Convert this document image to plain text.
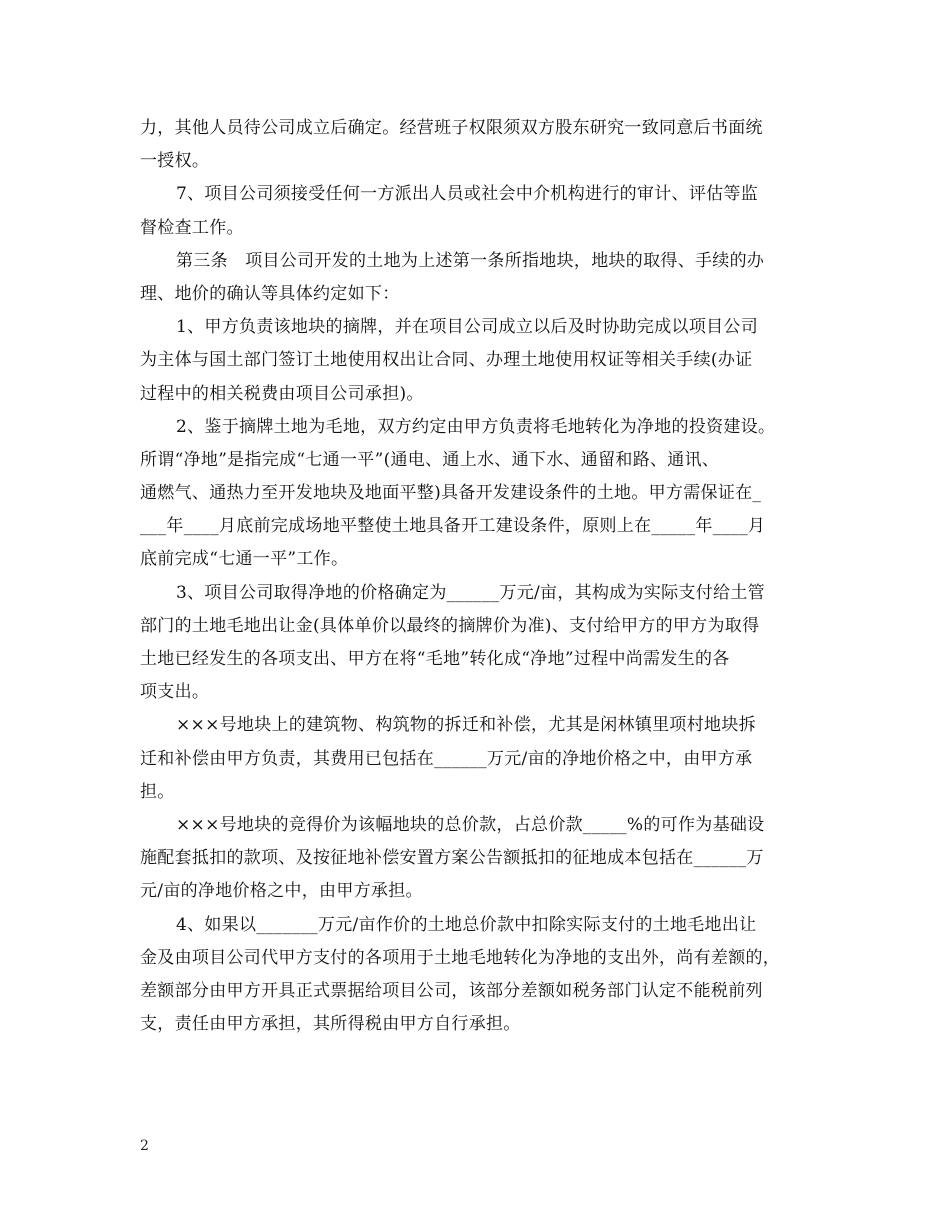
力，其他人员待公司成立后确定。经营班子权限须双方股东研究一致同意后书面统
一授权。
7、项目公司须接受任何一方派出人员或社会中介机构进行的审计、评估等监
督检查工作。
第三条　项目公司开发的土地为上述第一条所指地块，地块的取得、手续的办
理、地价的确认等具体约定如下：
1、甲方负责该地块的摘牌，并在项目公司成立以后及时协助完成以项目公司
为主体与国土部门签订土地使用权出让合同、办理土地使用权证等相关手续(办证
过程中的相关税费由项目公司承担)。
2、鉴于摘牌土地为毛地，双方约定由甲方负责将毛地转化为净地的投资建设。
所谓“净地”是指完成“七通一平”(通电、通上水、通下水、通留和路、通讯、
通燃气、通热力至开发地块及地面平整)具备开发建设条件的土地。甲方需保证在_
___年____月底前完成场地平整使土地具备开工建设条件，原则上在_____年____月
底前完成“七通一平”工作。
3、项目公司取得净地的价格确定为______万元/亩，其构成为实际支付给土管
部门的土地毛地出让金(具体单价以最终的摘牌价为准)、支付给甲方的甲方为取得
土地已经发生的各项支出、甲方在将“毛地”转化成“净地”过程中尚需发生的各
项支出。
×××号地块上的建筑物、构筑物的拆迁和补偿，尤其是闲林镇里项村地块拆
迁和补偿由甲方负责，其费用已包括在______万元/亩的净地价格之中，由甲方承
担。
×××号地块的竞得价为该幅地块的总价款，占总价款_____%的可作为基础设
施配套抵扣的款项、及按征地补偿安置方案公告额抵扣的征地成本包括在______万
元/亩的净地价格之中，由甲方承担。
4、如果以_______万元/亩作价的土地总价款中扣除实际支付的土地毛地出让
金及由项目公司代甲方支付的各项用于土地毛地转化为净地的支出外，尚有差额的，
差额部分由甲方开具正式票据给项目公司，该部分差额如税务部门认定不能税前列
支，责任由甲方承担，其所得税由甲方自行承担。
2
